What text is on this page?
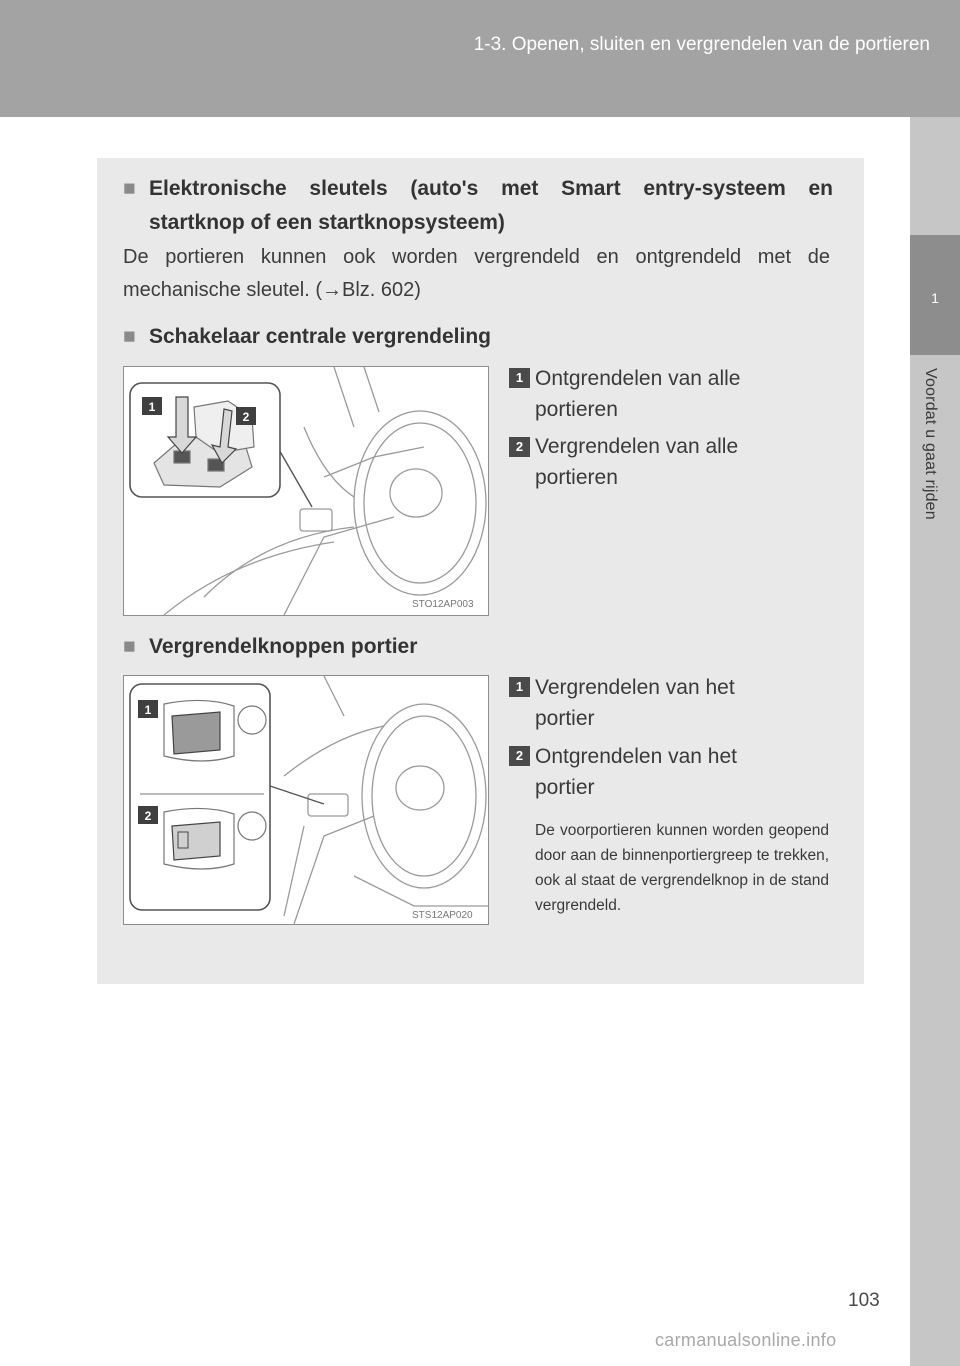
1-3. Openen, sluiten en vergrendelen van de portieren
1
Voordat u gaat rijden
■ Elektronische sleutels (auto's met Smart entry-systeem en
startknop of een startknopsysteem)
De portieren kunnen ook worden vergrendeld en ontgrendeld met de mechanische sleutel. (→Blz. 602)
■ Schakelaar centrale vergrendeling
1
2
STO12AP003
1 Ontgrendelen van alle
portieren
2 Vergrendelen van alle
portieren
■ Vergrendelknoppen portier
1
2
STS12AP020
1 Vergrendelen van het
portier
2 Ontgrendelen van het
portier
De voorportieren kunnen worden geopend door aan de binnenportiergreep te trekken, ook al staat de vergrendelknop in de stand vergrendeld.
103
carmanualsonline.info
